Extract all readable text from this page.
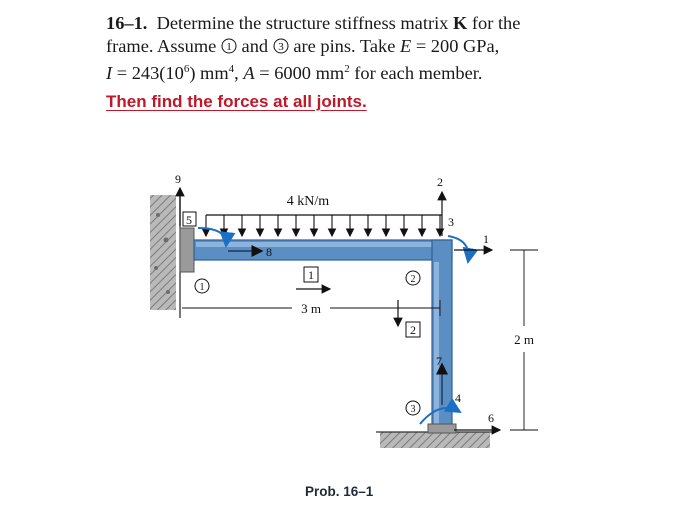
16–1. Determine the structure stiffness matrix K for the
frame. Assume 1 and 3 are pins. Take E = 200 GPa,
$I = 243(10^6)$ $mm^4$, A = 6000 $mm^2$ for each member.
Then find the forces at all joints.
4 kN/m
8
9
5
1
1
3 m
2
2
3
1
2
7
3
4
6
2 m
Prob. 16–1
